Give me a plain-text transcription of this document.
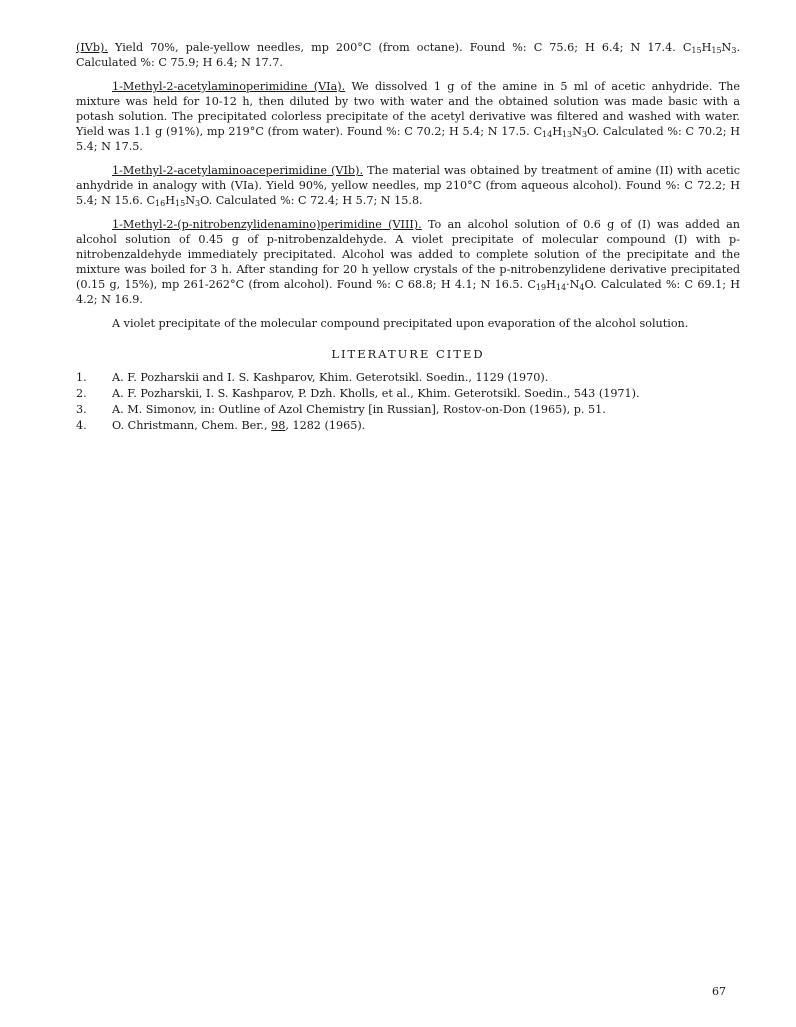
(IVb). Yield 70%, pale-yellow needles, mp 200°C (from octane). Found %: C 75.6; H 6.4; N 17.4. $C_{15}H_{15}N_3$. Calculated %: C 75.9; H 6.4; N 17.7.

1-Methyl-2-acetylaminoperimidine (VIa). We dissolved 1 g of the amine in 5 ml of acetic anhydride. The mixture was held for 10-12 h, then diluted by two with water and the obtained solution was made basic with a potash solution. The precipitated colorless precipitate of the acetyl derivative was filtered and washed with water. Yield was 1.1 g (91%), mp 219°C (from water). Found %: C 70.2; H 5.4; N 17.5. $C_{14}H_{13}N_3O$. Calculated %: C 70.2; H 5.4; N 17.5.

1-Methyl-2-acetylaminoaceperimidine (VIb). The material was obtained by treatment of amine (II) with acetic anhydride in analogy with (VIa). Yield 90%, yellow needles, mp 210°C (from aqueous alcohol). Found %: C 72.2; H 5.4; N 15.6. $C_{16}H_{15}N_3O$. Calculated %: C 72.4; H 5.7; N 15.8.

1-Methyl-2-(p-nitrobenzylidenamino)perimidine (VIII). To an alcohol solution of 0.6 g of (I) was added an alcohol solution of 0.45 g of p-nitrobenzaldehyde. A violet precipitate of molecular compound (I) with p-nitrobenzaldehyde immediately precipitated. Alcohol was added to complete solution of the precipitate and the mixture was boiled for 3 h. After standing for 20 h yellow crystals of the p-nitrobenzylidene derivative precipitated (0.15 g, 15%), mp 261-262°C (from alcohol). Found %: C 68.8; H 4.1; N 16.5. $C_{19}H_{14}\cdot N_4O$. Calculated %: C 69.1; H 4.2; N 16.9.

A violet precipitate of the molecular compound precipitated upon evaporation of the alcohol solution.

LITERATURE CITED
1.	A. F. Pozharskii and I. S. Kashparov, Khim. Geterotsikl. Soedin., 1129 (1970).
2.	A. F. Pozharskii, I. S. Kashparov, P. Dzh. Kholls, et al., Khim. Geterotsikl. Soedin., 543 (1971).
3.	A. M. Simonov, in: Outline of Azol Chemistry [in Russian], Rostov-on-Don (1965), p. 51.
4.	O. Christmann, Chem. Ber., 98, 1282 (1965).
67
